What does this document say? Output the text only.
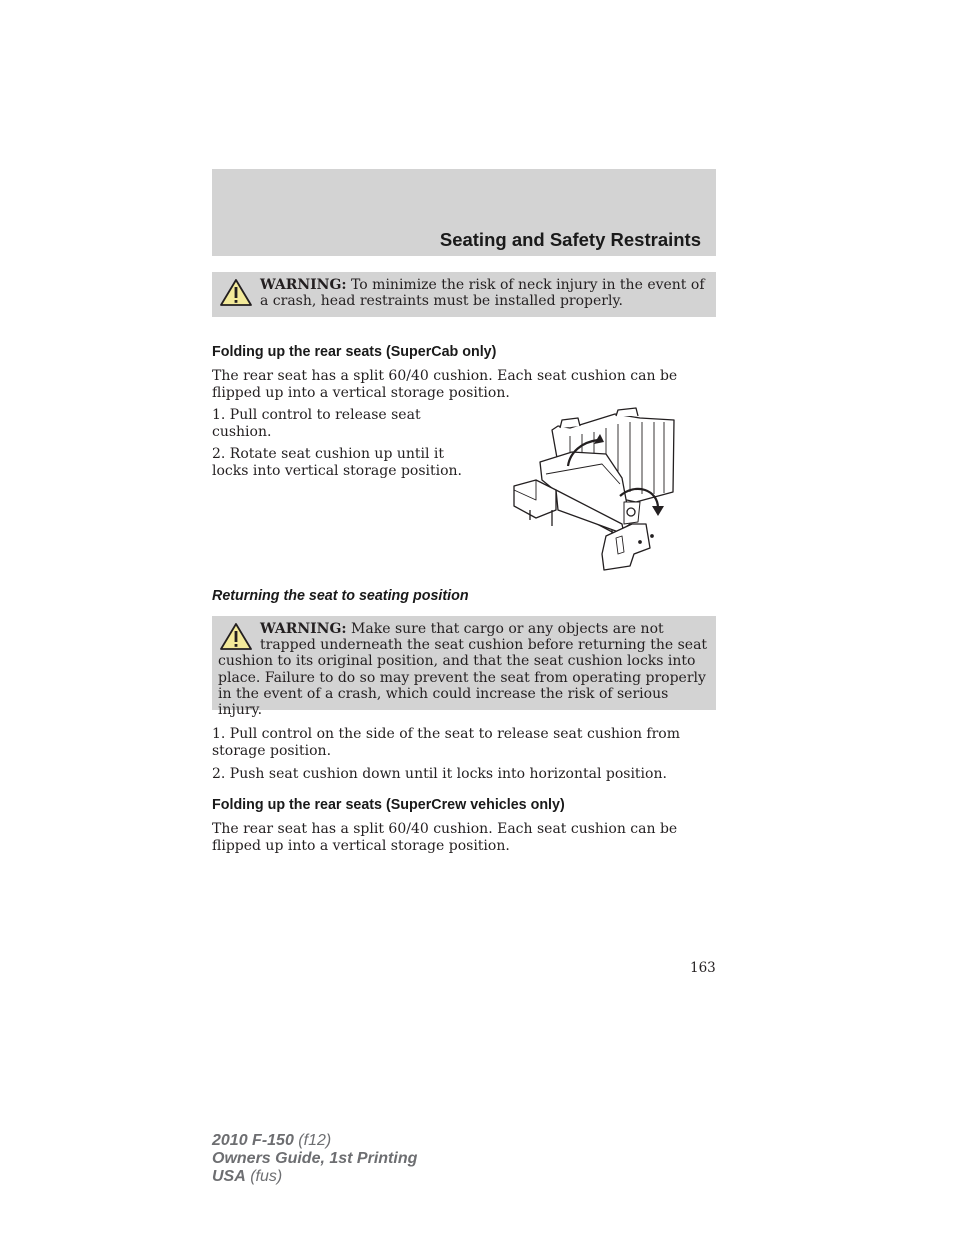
Seating and Safety Restraints
WARNING: To minimize the risk of neck injury in the event of a crash, head restraints must be installed properly.
Folding up the rear seats (SuperCab only)

The rear seat has a split 60/40 cushion. Each seat cushion can be flipped up into a vertical storage position.

1. Pull control to release seat cushion.

2. Rotate seat cushion up until it locks into vertical storage position.

Returning the seat to seating position
WARNING: Make sure that cargo or any objects are not trapped underneath the seat cushion before returning the seat cushion to its original position, and that the seat cushion locks into place. Failure to do so may prevent the seat from operating properly in the event of a crash, which could increase the risk of serious injury.

1. Pull control on the side of the seat to release seat cushion from storage position.

2. Push seat cushion down until it locks into horizontal position.

Folding up the rear seats (SuperCrew vehicles only)

The rear seat has a split 60/40 cushion. Each seat cushion can be flipped up into a vertical storage position.

163
2010 F-150 (f12)
Owners Guide, 1st Printing
USA (fus)
